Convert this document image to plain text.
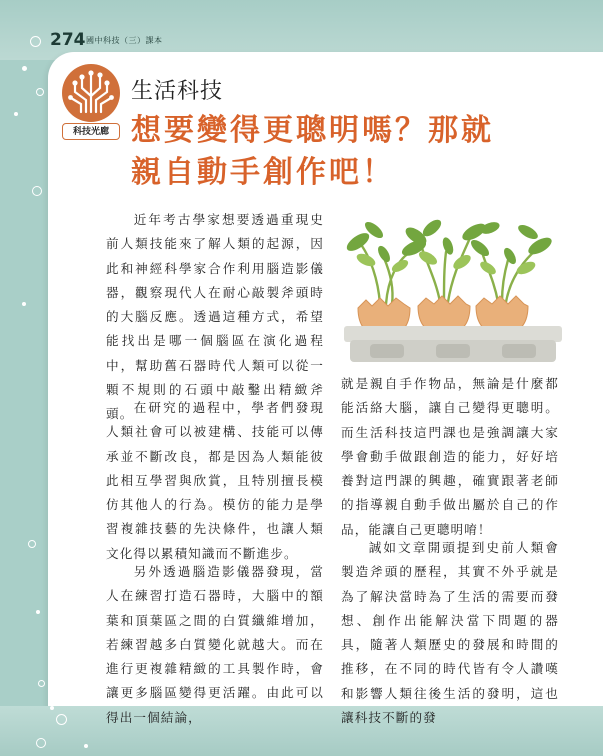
274 國中科技（三）課本
科技光廊
生活科技
想要變得更聰明嗎？那就
親自動手創作吧！

近年考古學家想要透過重現史前人類技能來了解人類的起源，因此和神經科學家合作利用腦造影儀器，觀察現代人在耐心敲製斧頭時的大腦反應。透過這種方式，希望能找出是哪一個腦區在演化過程中，幫助舊石器時代人類可以從一顆不規則的石頭中敲鑿出精緻斧頭。 在研究的過程中，學者們發現人類社會可以被建構、技能可以傳承並不斷改良，都是因為人類能彼此相互學習與欣賞，且特別擅長模仿其他人的行為。模仿的能力是學習複雜技藝的先決條件，也讓人類文化得以累積知識而不斷進步。

另外透過腦造影儀器發現，當人在練習打造石器時，大腦中的額葉和頂葉區之間的白質纖維增加，若練習越多白質變化就越大。而在進行更複雜精緻的工具製作時，會讓更多腦區變得更活躍。由此可以得出一個結論，

就是親自手作物品，無論是什麼都能活絡大腦，讓自己變得更聰明。而生活科技這門課也是強調讓大家學會動手做跟創造的能力，好好培養對這門課的興趣，確實跟著老師的指導親自動手做出屬於自己的作品，能讓自己更聰明唷！

誠如文章開頭提到史前人類會製造斧頭的歷程，其實不外乎就是為了解決當時為了生活的需要而發想、創作出能解決當下問題的器具，隨著人類歷史的發展和時間的推移，在不同的時代皆有令人讚嘆和影響人類往後生活的發明，這也讓科技不斷的發
